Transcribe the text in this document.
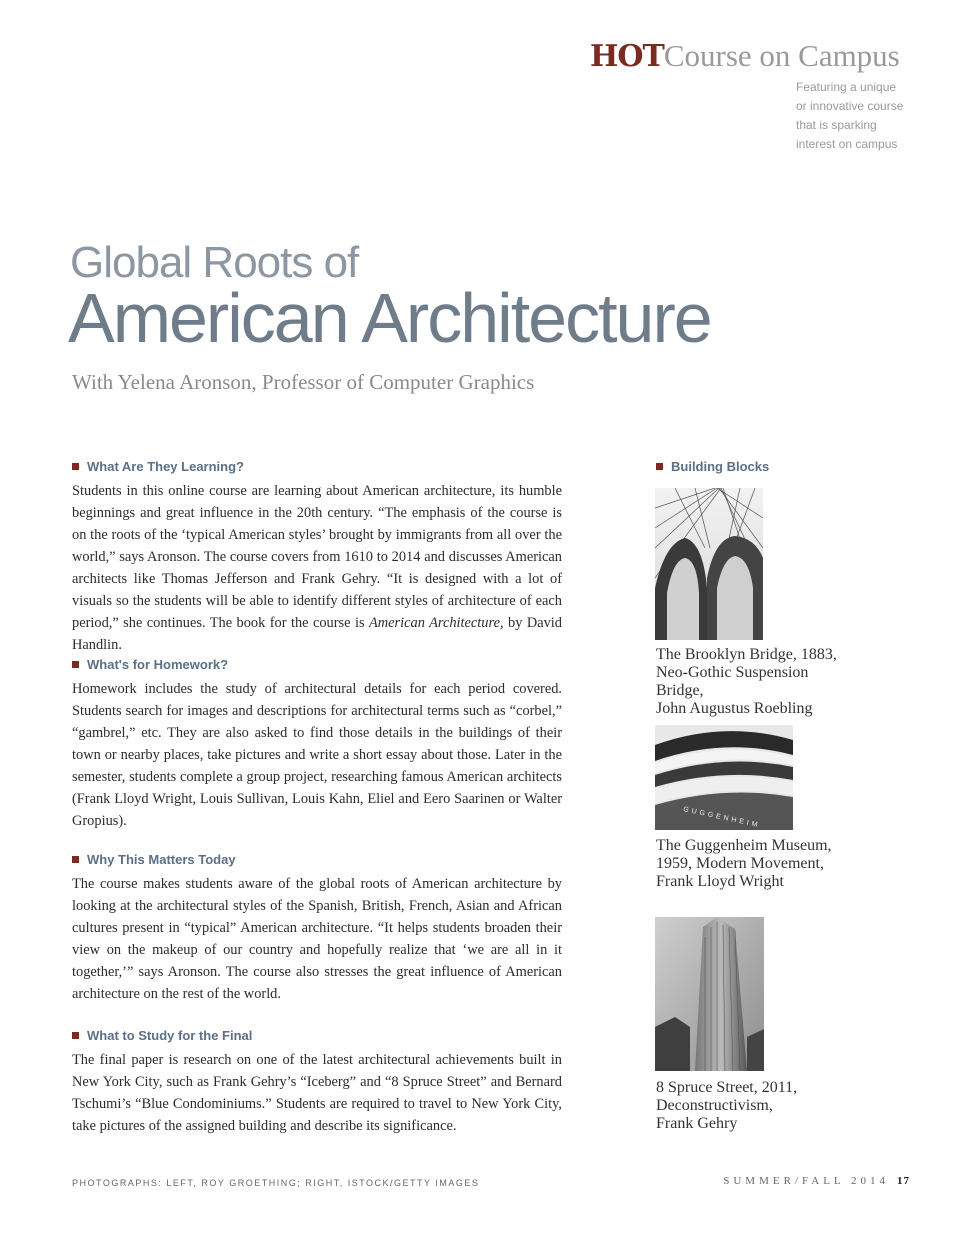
HOTCourse on Campus
Featuring a unique
or innovative course
that is sparking
interest on campus
Global Roots of
American Architecture
With Yelena Aronson, Professor of Computer Graphics
What Are They Learning?
Students in this online course are learning about American architecture, its humble beginnings and great influence in the 20th century. “The emphasis of the course is on the roots of the ‘typical American styles’ brought by immigrants from all over the world,” says Aronson. The course covers from 1610 to 2014 and discusses American architects like Thomas Jefferson and Frank Gehry. “It is designed with a lot of visuals so the students will be able to identify different styles of architecture of each period,” she continues. The book for the course is American Architecture, by David Handlin.
What's for Homework?
Homework includes the study of architectural details for each period covered. Students search for images and descriptions for architectural terms such as “corbel,” “gambrel,” etc. They are also asked to find those details in the buildings of their town or nearby places, take pictures and write a short essay about those. Later in the semester, students complete a group project, researching famous American architects (Frank Lloyd Wright, Louis Sullivan, Louis Kahn, Eliel and Eero Saarinen or Walter Gropius).
Why This Matters Today
The course makes students aware of the global roots of American architecture by looking at the architectural styles of the Spanish, British, French, Asian and African cultures present in “typical” American architecture. “It helps students broaden their view on the makeup of our country and hopefully realize that ‘we are all in it together,’” says Aronson. The course also stresses the great influence of American architecture on the rest of the world.
What to Study for the Final
The final paper is research on one of the latest architectural achievements built in New York City, such as Frank Gehry’s “Iceberg” and “8 Spruce Street” and Bernard Tschumi’s “Blue Condominiums.” Students are required to travel to New York City, take pictures of the assigned building and describe its significance.
Building Blocks
The Brooklyn Bridge, 1883,
Neo-Gothic Suspension Bridge,
John Augustus Roebling
GUGGENHEIM
The Guggenheim Museum,
1959, Modern Movement,
Frank Lloyd Wright
8 Spruce Street, 2011,
Deconstructivism,
Frank Gehry
PHOTOGRAPHS: LEFT, ROY GROETHING; RIGHT, ISTOCK/GETTY IMAGES	SUMMER/FALL 2014 17
